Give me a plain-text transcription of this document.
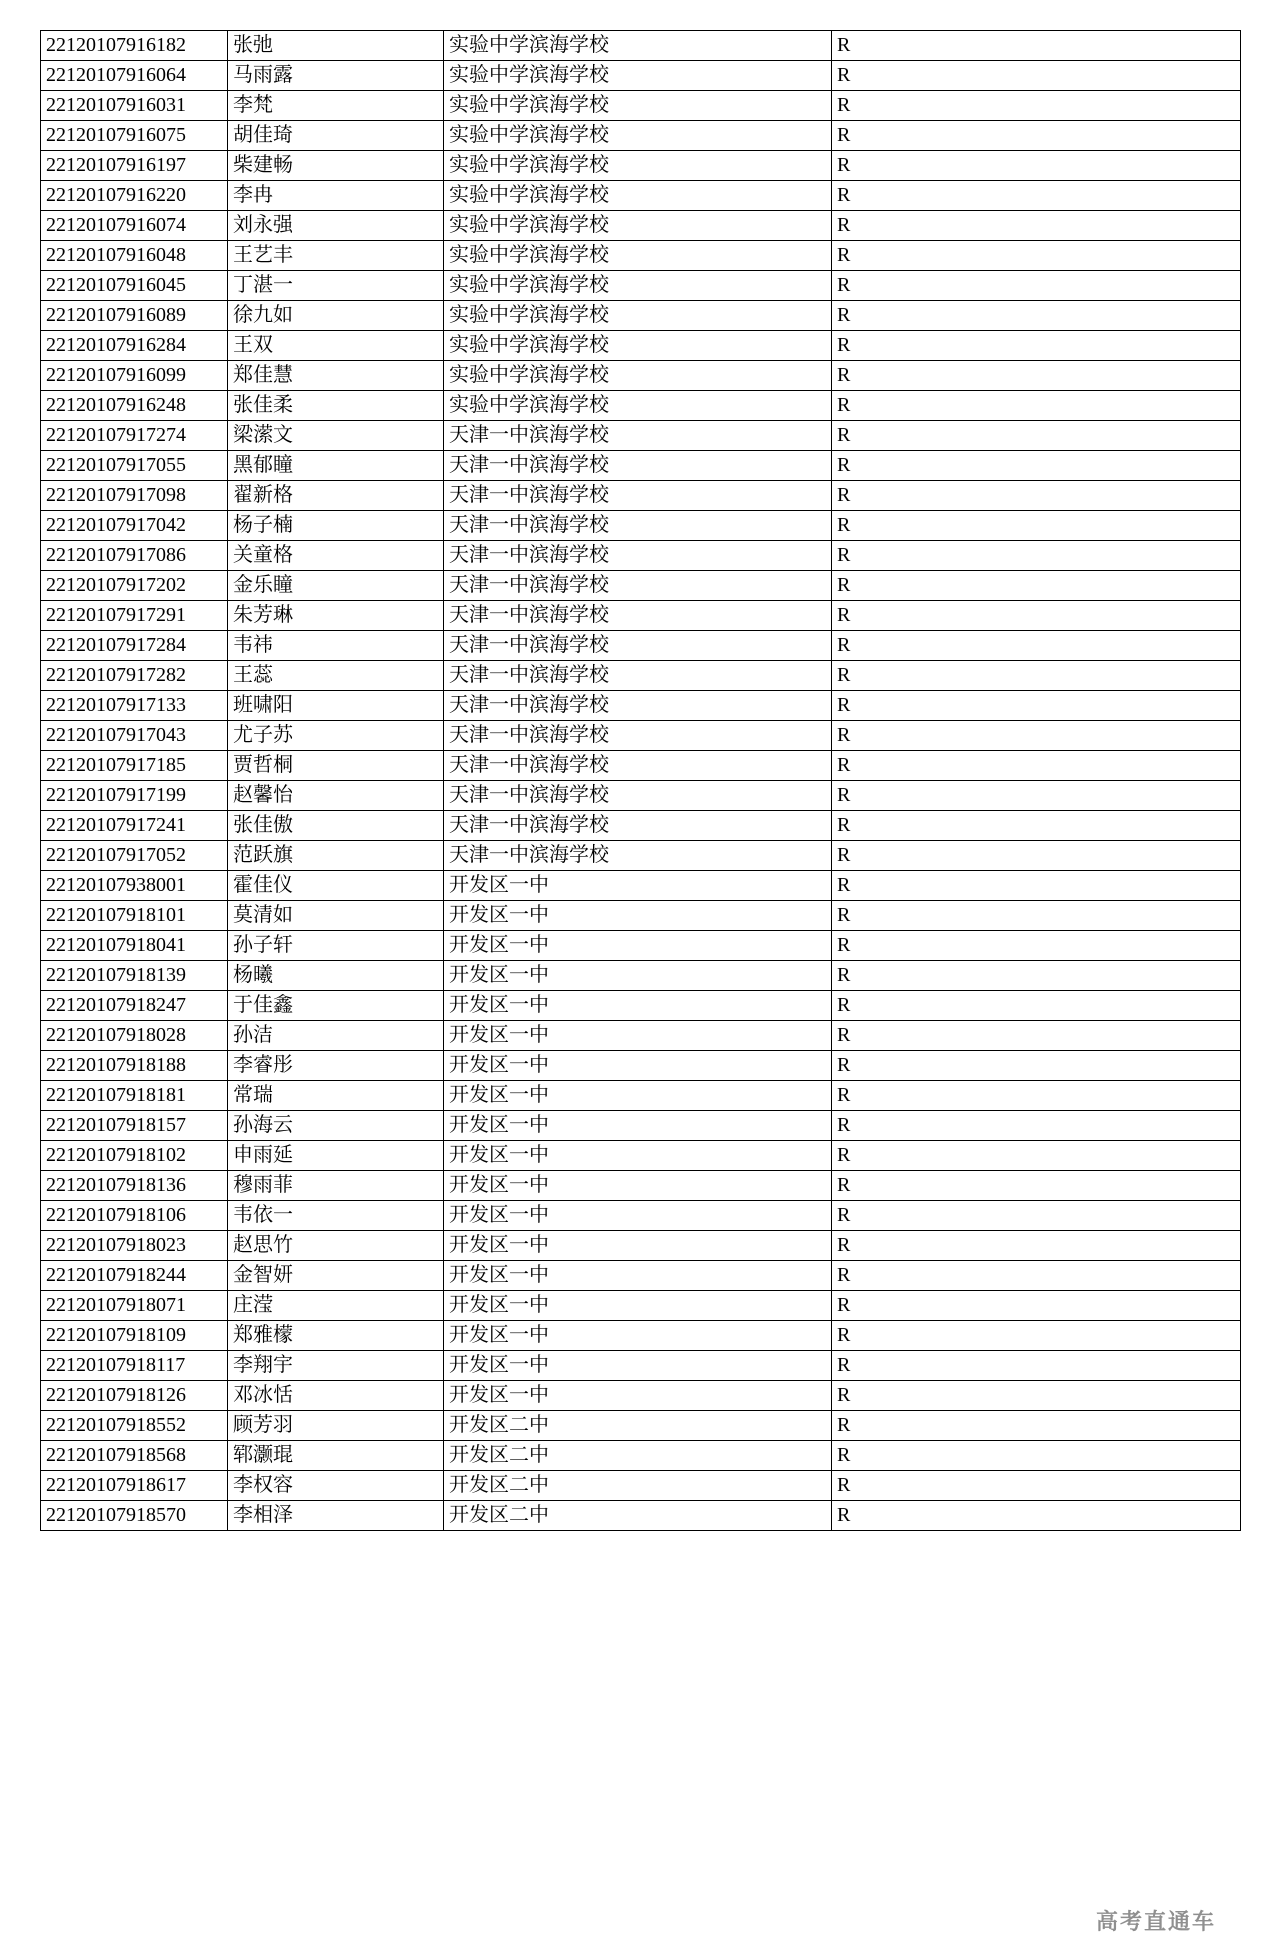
22120107916182	张弛	实验中学滨海学校	R
22120107916064	马雨露	实验中学滨海学校	R
22120107916031	李梵	实验中学滨海学校	R
22120107916075	胡佳琦	实验中学滨海学校	R
22120107916197	柴建畅	实验中学滨海学校	R
22120107916220	李冉	实验中学滨海学校	R
22120107916074	刘永强	实验中学滨海学校	R
22120107916048	王艺丰	实验中学滨海学校	R
22120107916045	丁湛一	实验中学滨海学校	R
22120107916089	徐九如	实验中学滨海学校	R
22120107916284	王双	实验中学滨海学校	R
22120107916099	郑佳慧	实验中学滨海学校	R
22120107916248	张佳柔	实验中学滨海学校	R
22120107917274	梁潆文	天津一中滨海学校	R
22120107917055	黑郁瞳	天津一中滨海学校	R
22120107917098	翟新格	天津一中滨海学校	R
22120107917042	杨子楠	天津一中滨海学校	R
22120107917086	关童格	天津一中滨海学校	R
22120107917202	金乐瞳	天津一中滨海学校	R
22120107917291	朱芳琳	天津一中滨海学校	R
22120107917284	韦祎	天津一中滨海学校	R
22120107917282	王蕊	天津一中滨海学校	R
22120107917133	班啸阳	天津一中滨海学校	R
22120107917043	尤子苏	天津一中滨海学校	R
22120107917185	贾哲桐	天津一中滨海学校	R
22120107917199	赵馨怡	天津一中滨海学校	R
22120107917241	张佳傲	天津一中滨海学校	R
22120107917052	范跃旗	天津一中滨海学校	R
22120107938001	霍佳仪	开发区一中	R
22120107918101	莫清如	开发区一中	R
22120107918041	孙子轩	开发区一中	R
22120107918139	杨曦	开发区一中	R
22120107918247	于佳鑫	开发区一中	R
22120107918028	孙洁	开发区一中	R
22120107918188	李睿彤	开发区一中	R
22120107918181	常瑞	开发区一中	R
22120107918157	孙海云	开发区一中	R
22120107918102	申雨延	开发区一中	R
22120107918136	穆雨菲	开发区一中	R
22120107918106	韦依一	开发区一中	R
22120107918023	赵思竹	开发区一中	R
22120107918244	金智妍	开发区一中	R
22120107918071	庄滢	开发区一中	R
22120107918109	郑雅檬	开发区一中	R
22120107918117	李翔宇	开发区一中	R
22120107918126	邓冰恬	开发区一中	R
22120107918552	顾芳羽	开发区二中	R
22120107918568	郓灏琨	开发区二中	R
22120107918617	李权容	开发区二中	R
22120107918570	李相泽	开发区二中	R
高考直通车
